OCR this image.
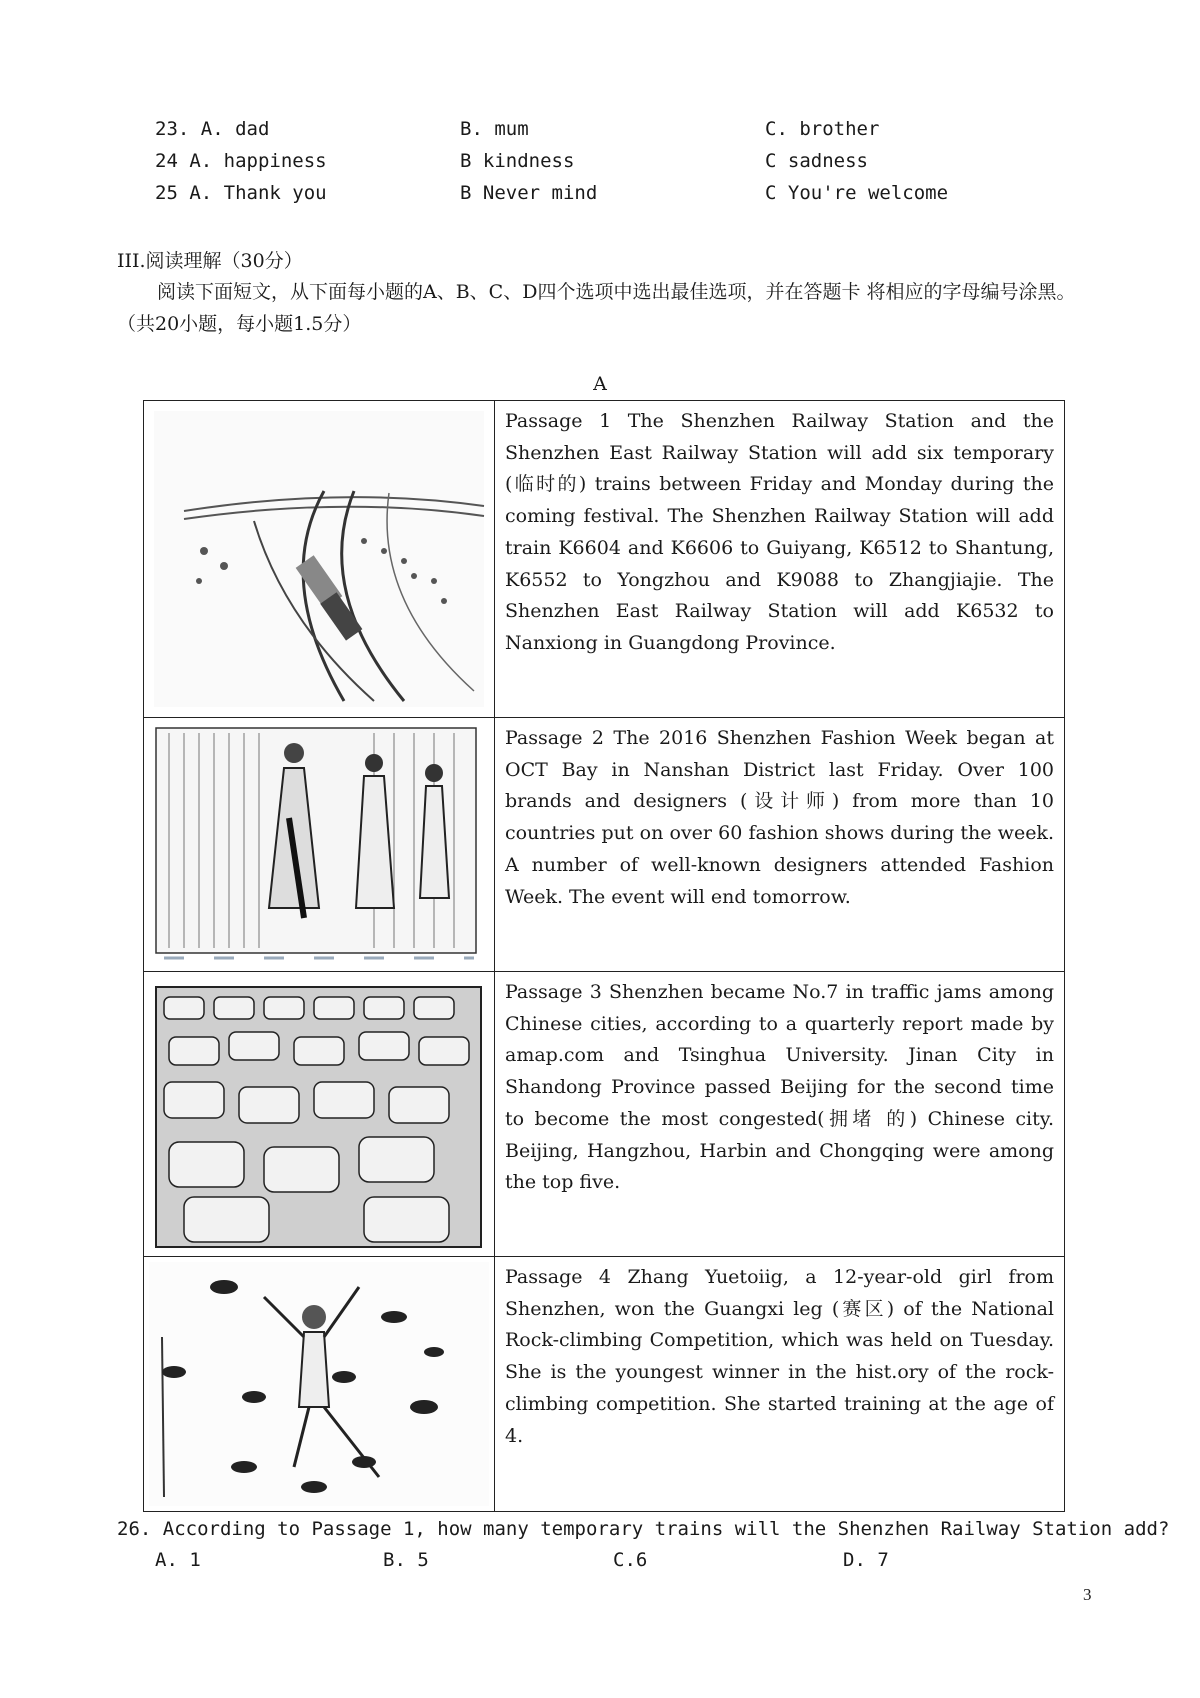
23. A. dad	B. mum	C. brother
24 A. happiness	B kindness	C sadness
25 A. Thank you	B Never mind	C You're welcome
III.阅读理解（30分）
阅读下面短文，从下面每小题的A、B、C、D四个选项中选出最佳选项，并在答题卡 将相应的字母编号涂黑。（共20小题，每小题1.5分）
A
	Passage 1 The Shenzhen Railway Station and the Shenzhen East Railway Station will add six temporary (临时的) trains between Friday and Monday during the coming festival. The Shenzhen Railway Station will add train K6604 and K6606 to Guiyang, K6512 to Shantung, K6552 to Yongzhou and K9088 to Zhangjiajie. The Shenzhen East Railway Station will add K6532 to Nanxiong in Guangdong Province.

	Passage 2 The 2016 Shenzhen Fashion Week began at OCT Bay in Nanshan District last Friday. Over 100 brands and designers (设计师) from more than 10 countries put on over 60 fashion shows during the week. A number of well-known designers attended Fashion Week. The event will end tomorrow.

	Passage 3 Shenzhen became No.7 in traffic jams among Chinese cities, according to a quarterly report made by amap.com and Tsinghua University. Jinan City in Shandong Province passed Beijing for the second time to become the most congested(拥堵 的) Chinese city. Beijing, Hangzhou, Harbin and Chongqing were among the top five.

	Passage 4 Zhang Yuetoiig, a 12-year-old girl from Shenzhen, won the Guangxi leg (赛区) of the National Rock-climbing Competition, which was held on Tuesday. She is the youngest winner in the hist.ory of the rock-climbing competition. She started training at the age of 4.
26. According to Passage 1, how many temporary trains will the Shenzhen Railway Station add?
A. 1	B. 5	C.6	D. 7
3
